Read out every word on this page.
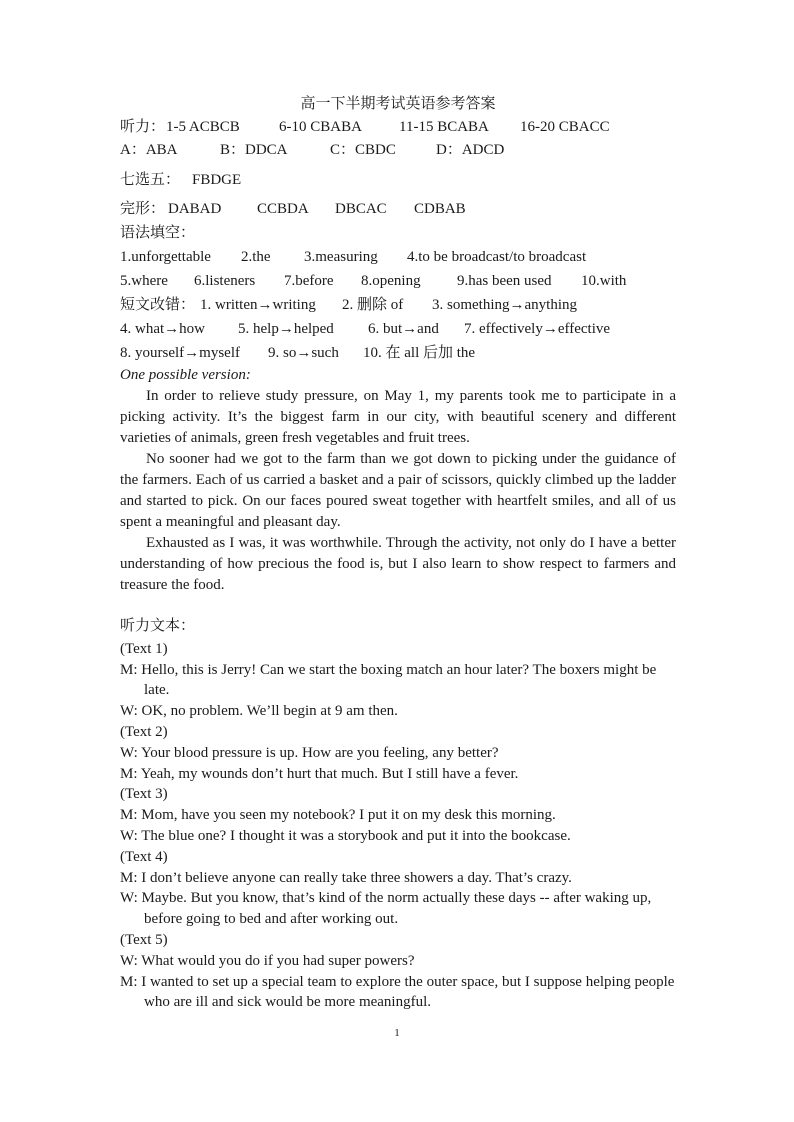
高一下半期考试英语参考答案
听力： 1-5 ACBCB	6-10 CBABA 11-15 BCABA 16-20 CBACC
A：ABA	B：DDCA	C：CBDC	D：ADCD
七选五： FBDGE
完形： DABAD CCBDA DBCAC CDBAB
语法填空：
1.unforgettable 2.the 3.measuring 4.to be broadcast/to broadcast
5.where 6.listeners 7.before 8.opening 9.has been used 10.with
短文改错： 1. written→writing 2. 删除 of 3. something→anything
4. what→how 5. help→helped 6. but→and 7. effectively→effective
8. yourself→myself 9. so→such 10. 在 all 后加 the
One possible version:

In order to relieve study pressure, on May 1, my parents took me to participate in a picking activity. It’s the biggest farm in our city, with beautiful scenery and different varieties of animals, green fresh vegetables and fruit trees.

No sooner had we got to the farm than we got down to picking under the guidance of the farmers. Each of us carried a basket and a pair of scissors, quickly climbed up the ladder and started to pick. On our faces poured sweat together with heartfelt smiles, and all of us spent a meaningful and pleasant day.

Exhausted as I was, it was worthwhile. Through the activity, not only do I have a better understanding of how precious the food is, but I also learn to show respect to farmers and treasure the food.

听力文本：

(Text 1)

M: Hello, this is Jerry! Can we start the boxing match an hour later? The boxers might be late.

W: OK, no problem. We’ll begin at 9 am then.

(Text 2)

W: Your blood pressure is up. How are you feeling, any better?

M: Yeah, my wounds don’t hurt that much. But I still have a fever.

(Text 3)

M: Mom, have you seen my notebook? I put it on my desk this morning.

W: The blue one? I thought it was a storybook and put it into the bookcase.

(Text 4)

M: I don’t believe anyone can really take three showers a day. That’s crazy.

W: Maybe. But you know, that’s kind of the norm actually these days -- after waking up, before going to bed and after working out.

(Text 5)

W: What would you do if you had super powers?

M: I wanted to set up a special team to explore the outer space, but I suppose helping people who are ill and sick would be more meaningful.

1
